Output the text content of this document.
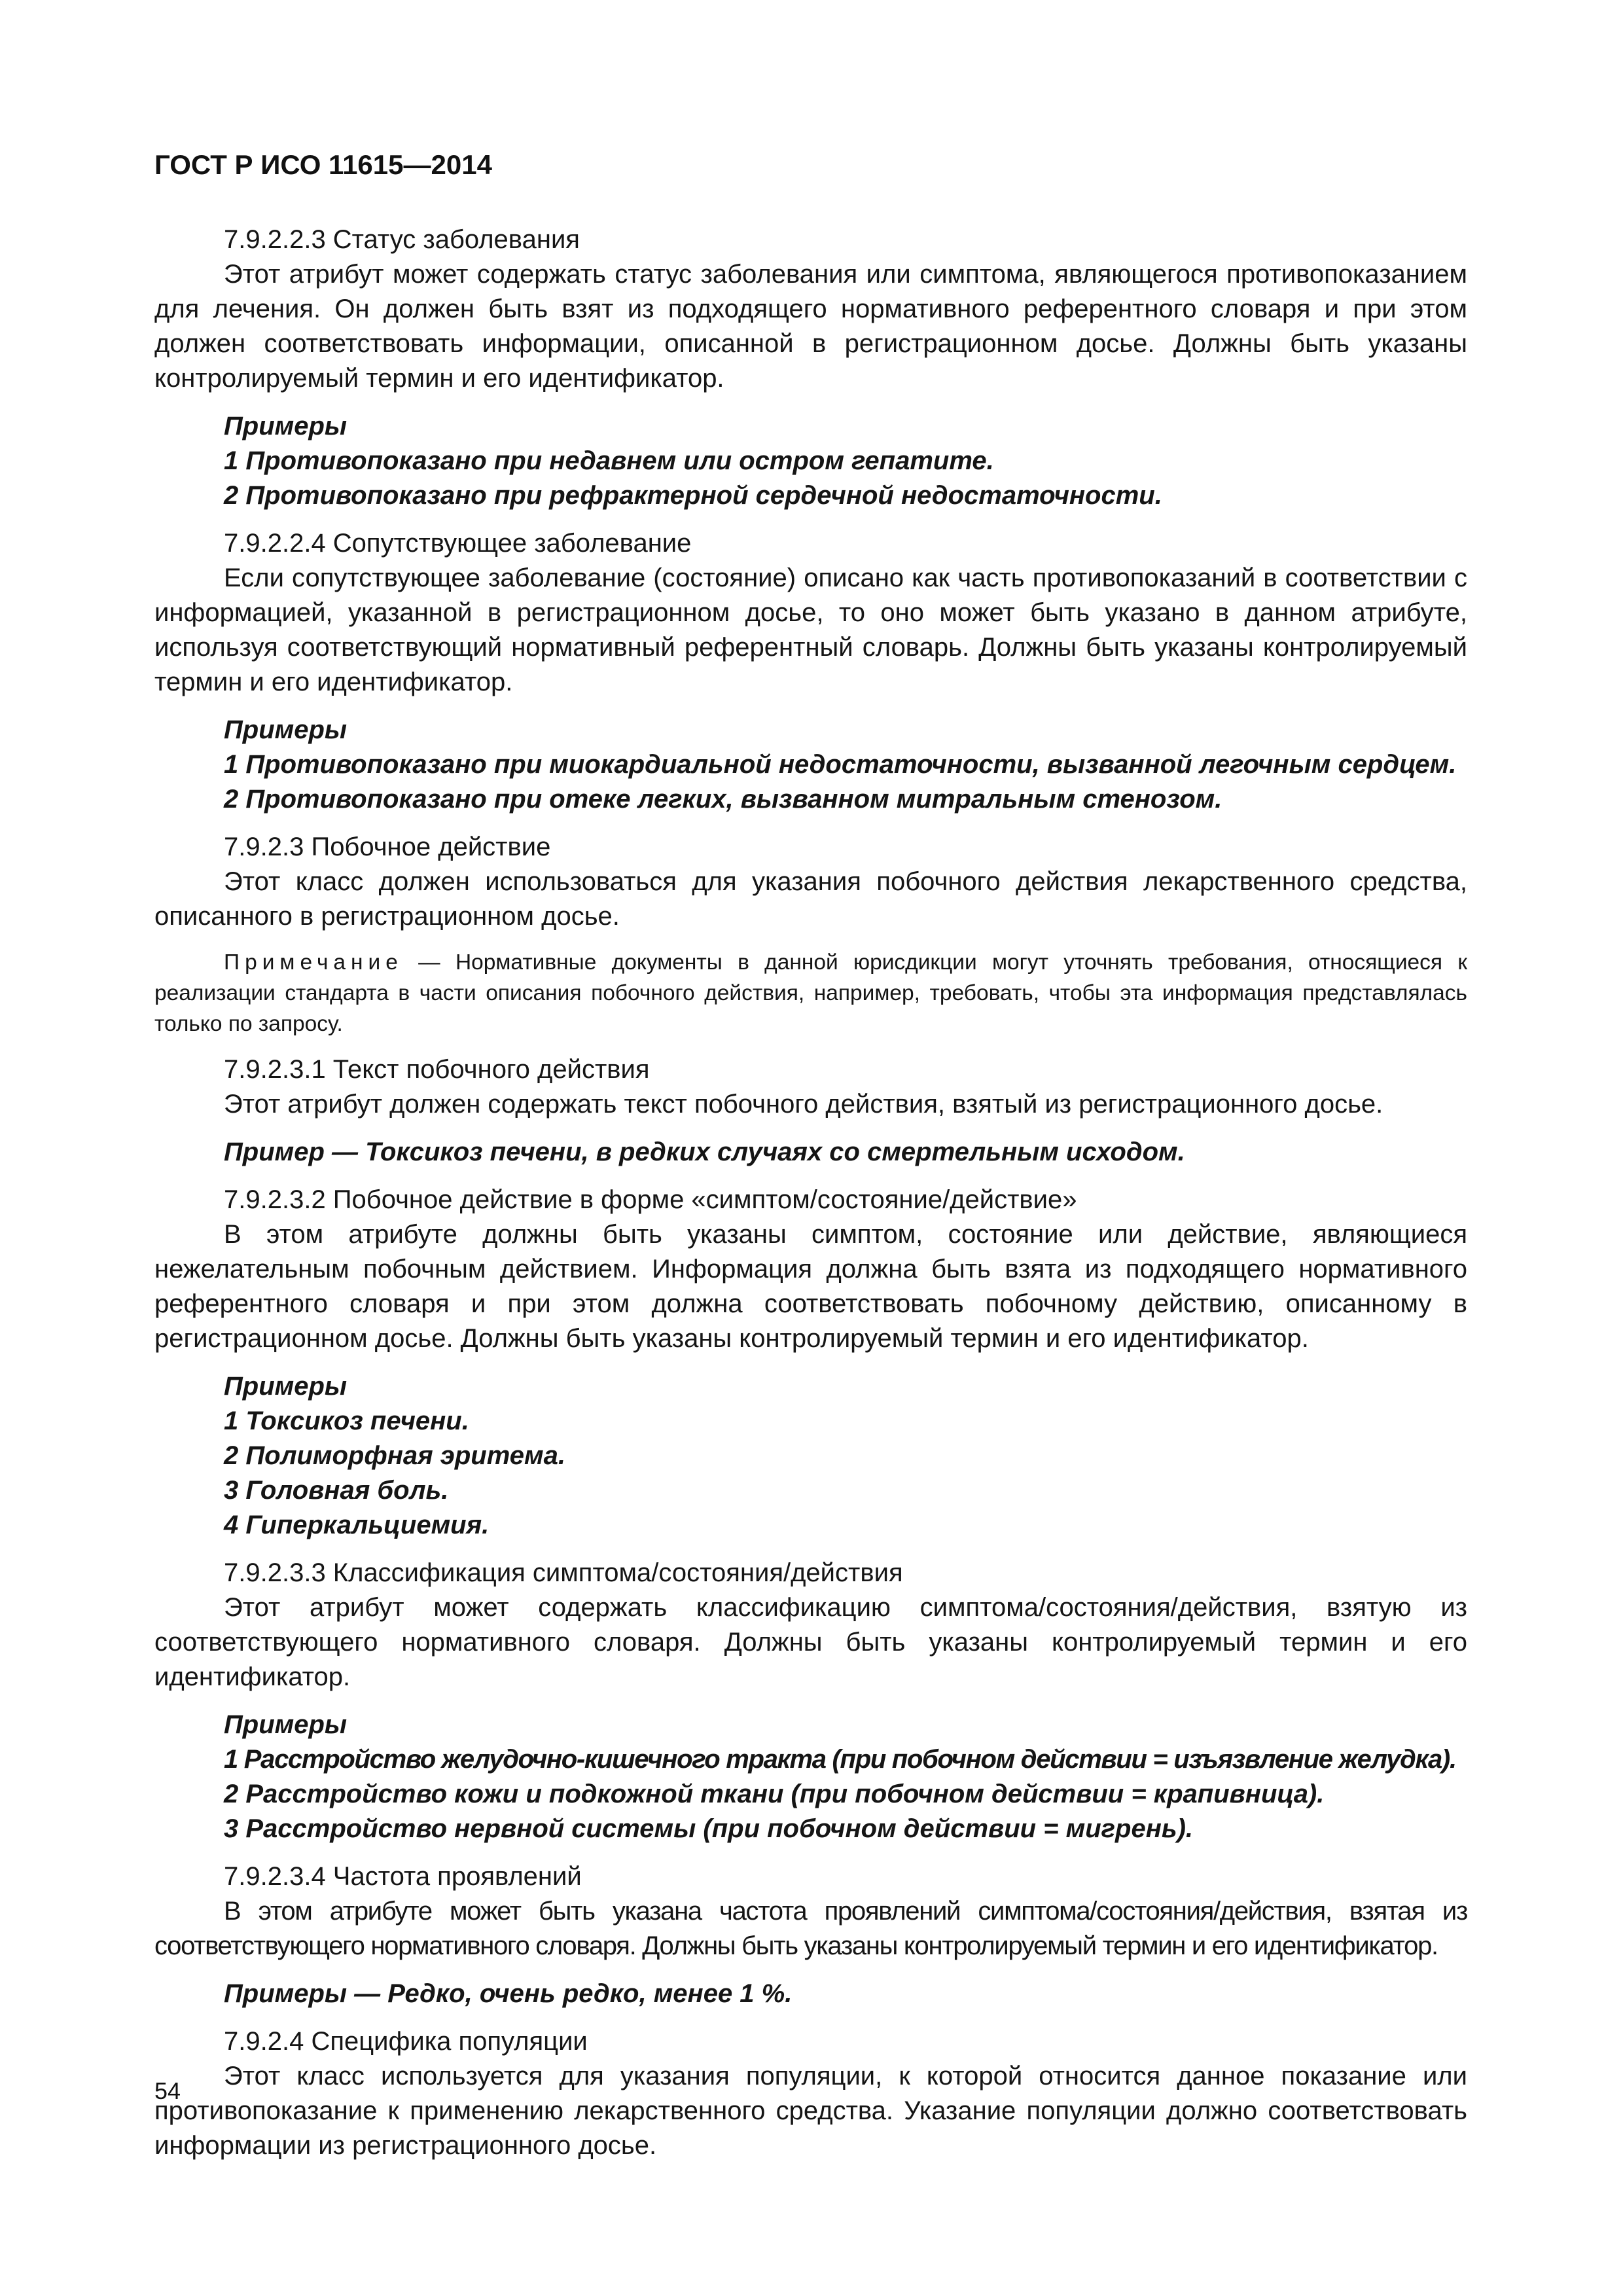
ГОСТ Р ИСО 11615—2014

7.9.2.2.3 Статус заболевания

Этот атрибут может содержать статус заболевания или симптома, являющегося противопоказанием для лечения. Он должен быть взят из подходящего нормативного референтного словаря и при этом должен соответствовать информации, описанной в регистрационном досье. Должны быть указаны контролируемый термин и его идентификатор.

Примеры

1 Противопоказано при недавнем или остром гепатите.

2 Противопоказано при рефрактерной сердечной недостаточности.

7.9.2.2.4 Сопутствующее заболевание

Если сопутствующее заболевание (состояние) описано как часть противопоказаний в соответствии с информацией, указанной в регистрационном досье, то оно может быть указано в данном атрибуте, используя соответствующий нормативный референтный словарь. Должны быть указаны контролируемый термин и его идентификатор.

Примеры

1 Противопоказано при миокардиальной недостаточности, вызванной легочным сердцем.

2 Противопоказано при отеке легких, вызванном митральным стенозом.

7.9.2.3 Побочное действие

Этот класс должен использоваться для указания побочного действия лекарственного средства, описанного в регистрационном досье.

Примечание — Нормативные документы в данной юрисдикции могут уточнять требования, относящиеся к реализации стандарта в части описания побочного действия, например, требовать, чтобы эта информация представлялась только по запросу.

7.9.2.3.1 Текст побочного действия

Этот атрибут должен содержать текст побочного действия, взятый из регистрационного досье.

Пример — Токсикоз печени, в редких случаях со смертельным исходом.

7.9.2.3.2 Побочное действие в форме «симптом/состояние/действие»

В этом атрибуте должны быть указаны симптом, состояние или действие, являющиеся нежелательным побочным действием. Информация должна быть взята из подходящего нормативного референтного словаря и при этом должна соответствовать побочному действию, описанному в регистрационном досье. Должны быть указаны контролируемый термин и его идентификатор.

Примеры

1 Токсикоз печени.

2 Полиморфная эритема.

3 Головная боль.

4 Гиперкальциемия.

7.9.2.3.3 Классификация симптома/состояния/действия

Этот атрибут может содержать классификацию симптома/состояния/действия, взятую из соответствующего нормативного словаря. Должны быть указаны контролируемый термин и его идентификатор.

Примеры

1 Расстройство желудочно-кишечного тракта (при побочном действии = изъязвление желудка).

2 Расстройство кожи и подкожной ткани (при побочном действии = крапивница).

3 Расстройство нервной системы (при побочном действии = мигрень).

7.9.2.3.4 Частота проявлений

В этом атрибуте может быть указана частота проявлений симптома/состояния/действия, взятая из соответствующего нормативного словаря. Должны быть указаны контролируемый термин и его идентификатор.

Примеры — Редко, очень редко, менее 1 %.

7.9.2.4 Специфика популяции

Этот класс используется для указания популяции, к которой относится данное показание или противопоказание к применению лекарственного средства. Указание популяции должно соответствовать информации из регистрационного досье.

54
